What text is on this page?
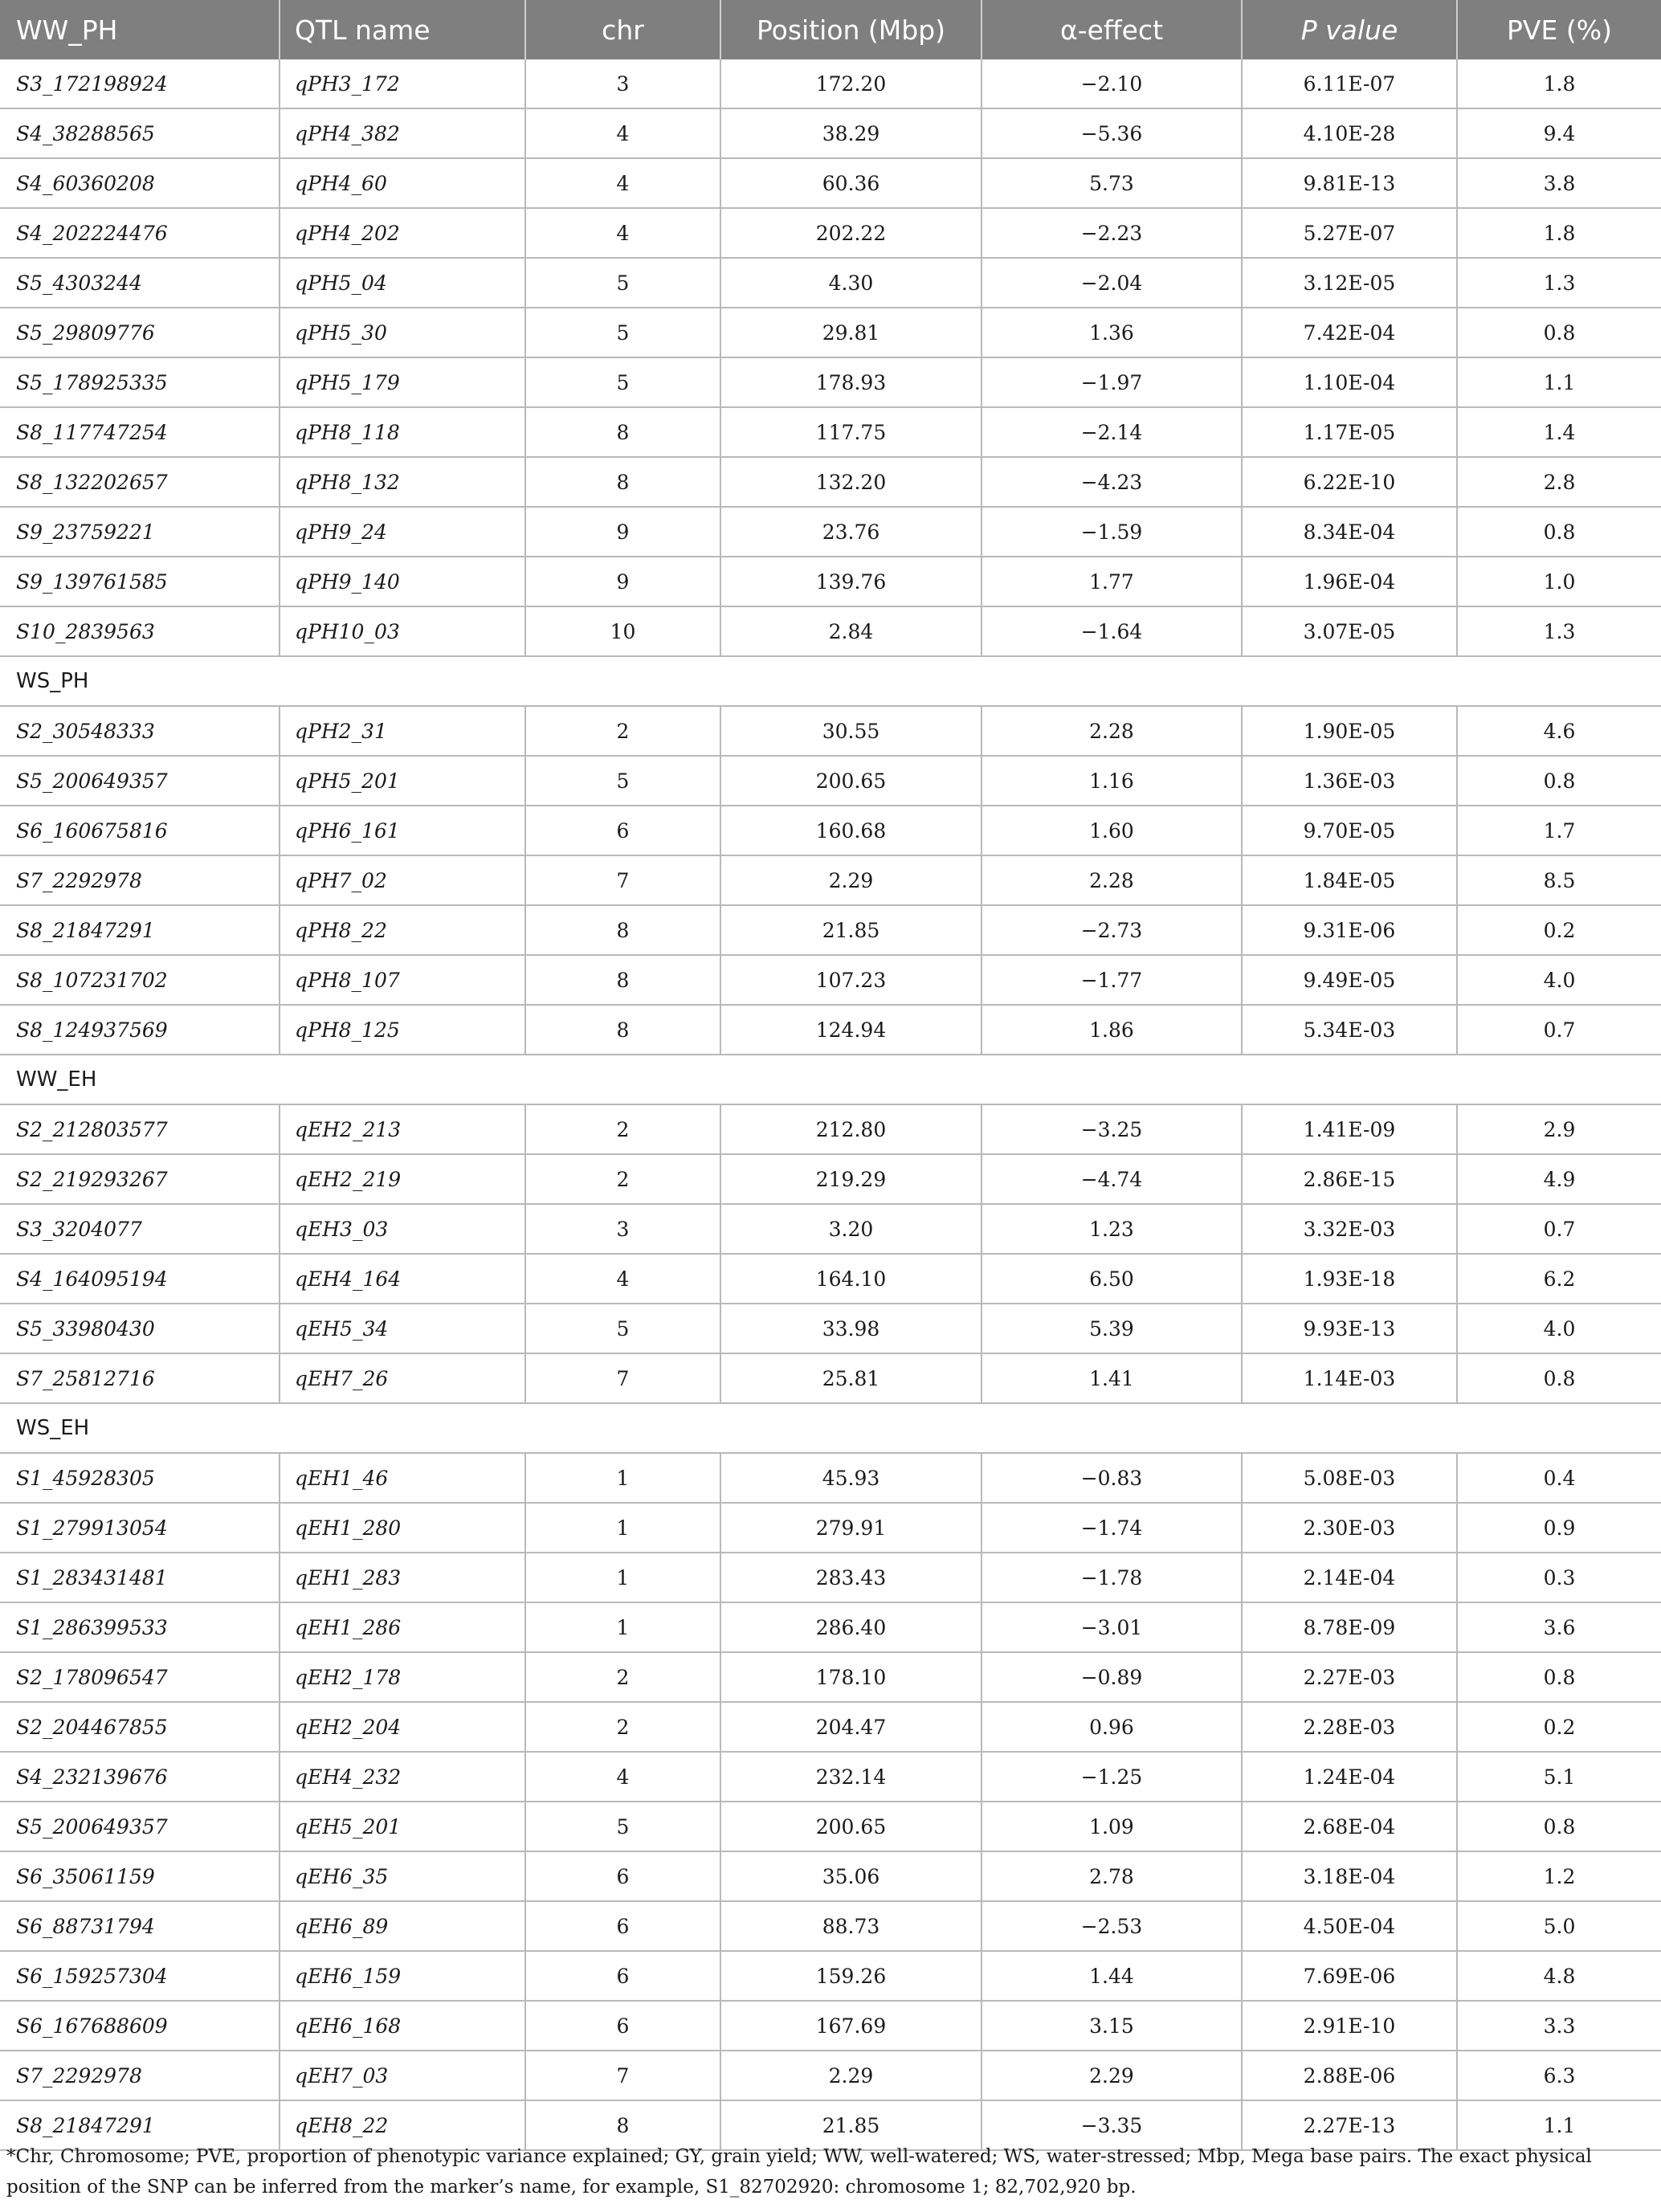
WW_PH	QTL name	chr	Position (Mbp)	α-effect	P value	PVE (%)
S3_172198924	qPH3_172	3	172.20	−2.10	6.11E-07	1.8
S4_38288565	qPH4_382	4	38.29	−5.36	4.10E-28	9.4
S4_60360208	qPH4_60	4	60.36	5.73	9.81E-13	3.8
S4_202224476	qPH4_202	4	202.22	−2.23	5.27E-07	1.8
S5_4303244	qPH5_04	5	4.30	−2.04	3.12E-05	1.3
S5_29809776	qPH5_30	5	29.81	1.36	7.42E-04	0.8
S5_178925335	qPH5_179	5	178.93	−1.97	1.10E-04	1.1
S8_117747254	qPH8_118	8	117.75	−2.14	1.17E-05	1.4
S8_132202657	qPH8_132	8	132.20	−4.23	6.22E-10	2.8
S9_23759221	qPH9_24	9	23.76	−1.59	8.34E-04	0.8
S9_139761585	qPH9_140	9	139.76	1.77	1.96E-04	1.0
S10_2839563	qPH10_03	10	2.84	−1.64	3.07E-05	1.3
WS_PH						
S2_30548333	qPH2_31	2	30.55	2.28	1.90E-05	4.6
S5_200649357	qPH5_201	5	200.65	1.16	1.36E-03	0.8
S6_160675816	qPH6_161	6	160.68	1.60	9.70E-05	1.7
S7_2292978	qPH7_02	7	2.29	2.28	1.84E-05	8.5
S8_21847291	qPH8_22	8	21.85	−2.73	9.31E-06	0.2
S8_107231702	qPH8_107	8	107.23	−1.77	9.49E-05	4.0
S8_124937569	qPH8_125	8	124.94	1.86	5.34E-03	0.7
WW_EH						
S2_212803577	qEH2_213	2	212.80	−3.25	1.41E-09	2.9
S2_219293267	qEH2_219	2	219.29	−4.74	2.86E-15	4.9
S3_3204077	qEH3_03	3	3.20	1.23	3.32E-03	0.7
S4_164095194	qEH4_164	4	164.10	6.50	1.93E-18	6.2
S5_33980430	qEH5_34	5	33.98	5.39	9.93E-13	4.0
S7_25812716	qEH7_26	7	25.81	1.41	1.14E-03	0.8
WS_EH						
S1_45928305	qEH1_46	1	45.93	−0.83	5.08E-03	0.4
S1_279913054	qEH1_280	1	279.91	−1.74	2.30E-03	0.9
S1_283431481	qEH1_283	1	283.43	−1.78	2.14E-04	0.3
S1_286399533	qEH1_286	1	286.40	−3.01	8.78E-09	3.6
S2_178096547	qEH2_178	2	178.10	−0.89	2.27E-03	0.8
S2_204467855	qEH2_204	2	204.47	0.96	2.28E-03	0.2
S4_232139676	qEH4_232	4	232.14	−1.25	1.24E-04	5.1
S5_200649357	qEH5_201	5	200.65	1.09	2.68E-04	0.8
S6_35061159	qEH6_35	6	35.06	2.78	3.18E-04	1.2
S6_88731794	qEH6_89	6	88.73	−2.53	4.50E-04	5.0
S6_159257304	qEH6_159	6	159.26	1.44	7.69E-06	4.8
S6_167688609	qEH6_168	6	167.69	3.15	2.91E-10	3.3
S7_2292978	qEH7_03	7	2.29	2.29	2.88E-06	6.3
S8_21847291	qEH8_22	8	21.85	−3.35	2.27E-13	1.1
*Chr, Chromosome; PVE, proportion of phenotypic variance explained; GY, grain yield; WW, well-watered; WS, water-stressed; Mbp, Mega base pairs. The exact physical position of the SNP can be inferred from the marker’s name, for example, S1_82702920: chromosome 1; 82,702,920 bp.
